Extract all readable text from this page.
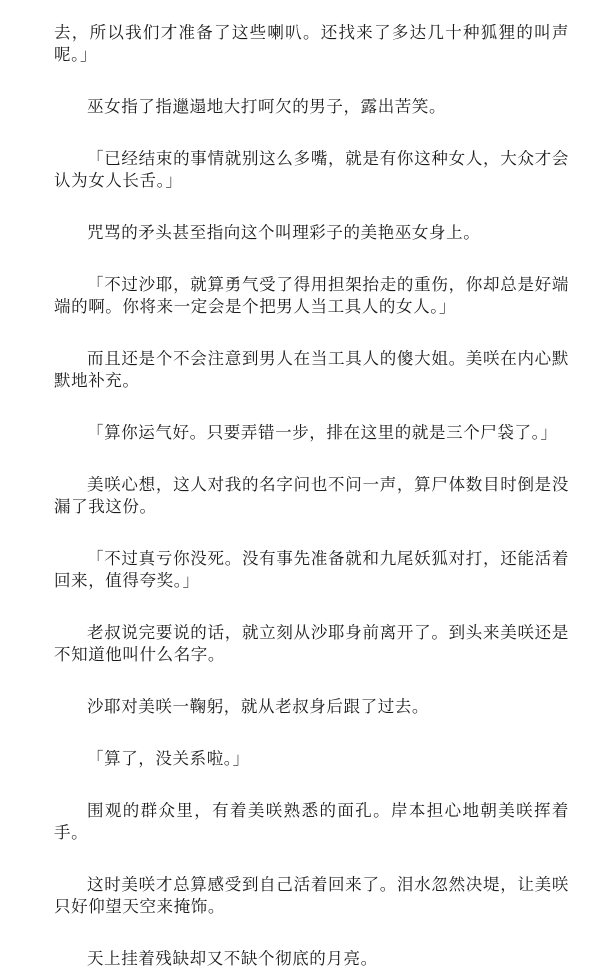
去，所以我们才准备了这些喇叭。还找来了多达几十种狐狸的叫声呢。」

巫女指了指邋遢地大打呵欠的男子，露出苦笑。

「已经结束的事情就别这么多嘴，就是有你这种女人，大众才会认为女人长舌。」

咒骂的矛头甚至指向这个叫理彩子的美艳巫女身上。

「不过沙耶，就算勇气受了得用担架抬走的重伤，你却总是好端端的啊。你将来一定会是个把男人当工具人的女人。」

而且还是个不会注意到男人在当工具人的傻大姐。美咲在内心默默地补充。

「算你运气好。只要弄错一步，排在这里的就是三个尸袋了。」

美咲心想，这人对我的名字问也不问一声，算尸体数目时倒是没漏了我这份。

「不过真亏你没死。没有事先准备就和九尾妖狐对打，还能活着回来，值得夸奖。」

老叔说完要说的话，就立刻从沙耶身前离开了。到头来美咲还是不知道他叫什么名字。

沙耶对美咲一鞠躬，就从老叔身后跟了过去。

「算了，没关系啦。」

围观的群众里，有着美咲熟悉的面孔。岸本担心地朝美咲挥着手。

这时美咲才总算感受到自己活着回来了。泪水忽然决堤，让美咲只好仰望天空来掩饰。

天上挂着残缺却又不缺个彻底的月亮。
